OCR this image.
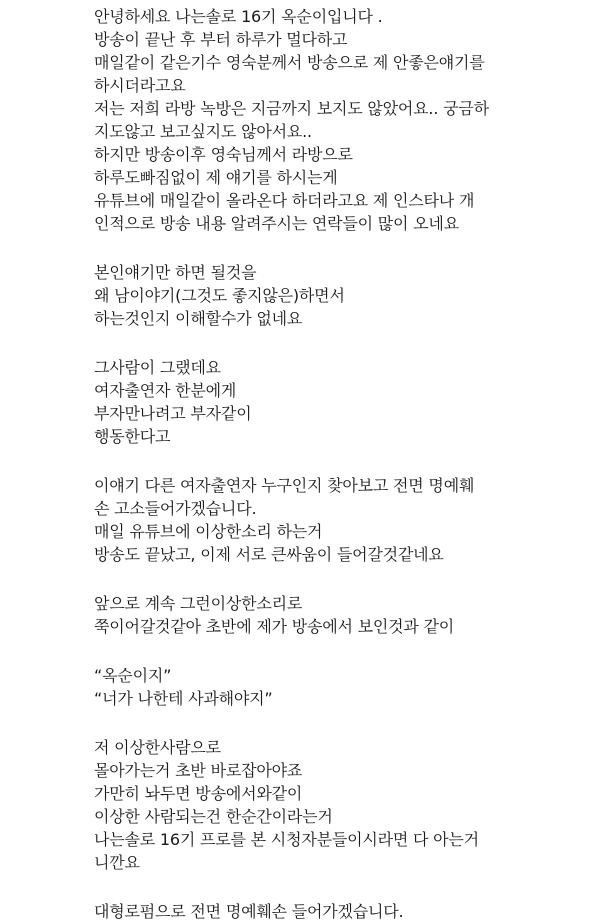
안녕하세요 나는솔로 16기 옥순이입니다 .
방송이 끝난 후 부터 하루가 멀다하고
매일같이 같은기수 영숙분께서 방송으로 제 안좋은얘기를
하시더라고요
저는 저희 라방 녹방은 지금까지 보지도 않았어요.. 궁금하
지도않고 보고싶지도 않아서요..
하지만 방송이후 영숙님께서 라방으로
하루도빠짐없이 제 얘기를 하시는게
유튜브에 매일같이 올라온다 하더라고요 제 인스타나 개
인적으로 방송 내용 알려주시는 연락들이 많이 오네요
본인얘기만 하면 될것을
왜 남이야기(그것도 좋지않은)하면서
하는것인지 이해할수가 없네요
그사람이 그랬데요
여자출연자 한분에게
부자만나려고 부자같이
행동한다고
이얘기 다른 여자출연자 누구인지 찾아보고 전면 명예훼
손 고소들어가겠습니다.
매일 유튜브에 이상한소리 하는거
방송도 끝났고, 이제 서로 큰싸움이 들어갈것같네요
앞으로 계속 그런이상한소리로
쭉이어갈것같아 초반에 제가 방송에서 보인것과 같이
“옥순이지”
“너가 나한테 사과해야지”
저 이상한사람으로
몰아가는거 초반 바로잡아야죠
가만히 놔두면 방송에서와같이
이상한 사람되는건 한순간이라는거
나는솔로 16기 프로를 본 시청자분들이시라면 다 아는거
니깐요
대형로펌으로 전면 명예훼손 들어가겠습니다.
